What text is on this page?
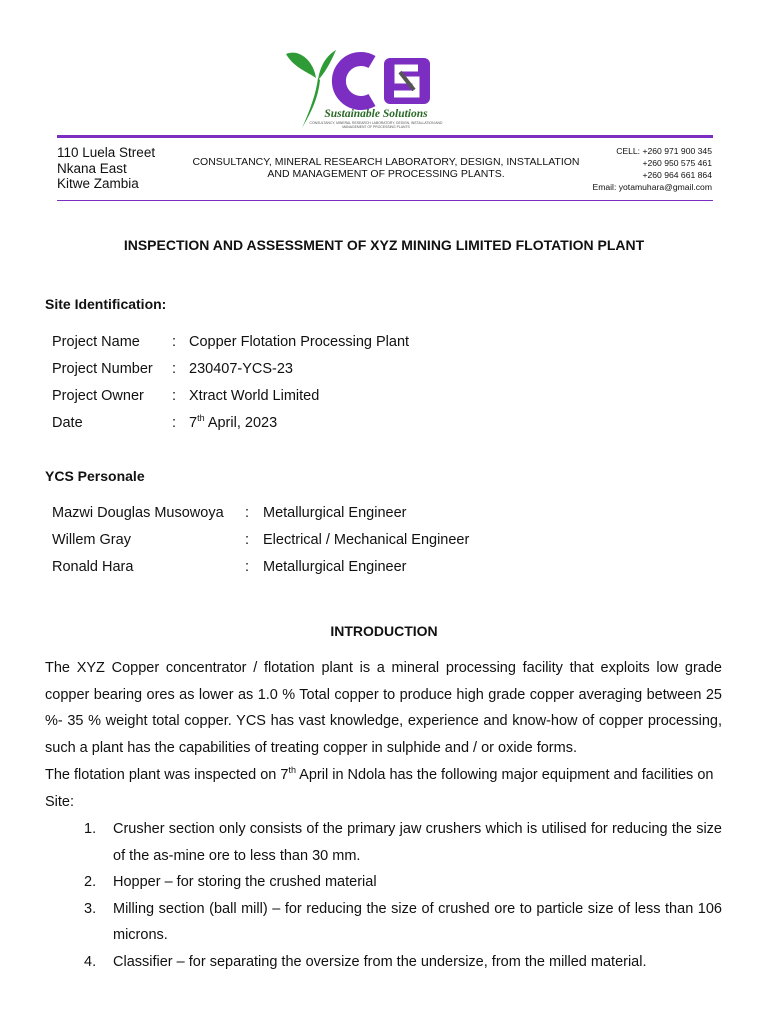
Sustainable Solutions
CONSULTANCY, MINERAL RESEARCH LABORATORY, DESIGN, INSTALLATION AND MANAGEMENT OF PROCESSING PLANTS
110 Luela Street
Nkana East
Kitwe Zambia
CONSULTANCY, MINERAL RESEARCH LABORATORY, DESIGN, INSTALLATION
AND MANAGEMENT OF PROCESSING PLANTS.
CELL: +260 971 900 345
+260 950 575 461
+260 964 661 864
Email: yotamuhara@gmail.com
INSPECTION AND ASSESSMENT OF XYZ MINING LIMITED FLOTATION PLANT
Site Identification:
Project Name : Copper Flotation Processing Plant
Project Number : 230407-YCS-23
Project Owner : Xtract World Limited
Date	: 7th April, 2023
YCS Personale
Mazwi Douglas Musowoya : Metallurgical Engineer
Willem Gray	: Electrical / Mechanical Engineer
Ronald Hara	: Metallurgical Engineer
INTRODUCTION
The XYZ Copper concentrator / flotation plant is a mineral processing facility that exploits low grade copper bearing ores as lower as 1.0 % Total copper to produce high grade copper averaging between 25 %- 35 % weight total copper. YCS has vast knowledge, experience and know-how of copper processing, such a plant has the capabilities of treating copper in sulphide and / or oxide forms.
The flotation plant was inspected on 7th April in Ndola has the following major equipment and facilities on Site:
1. Crusher section only consists of the primary jaw crushers which is utilised for reducing the size of the as-mine ore to less than 30 mm.
2. Hopper – for storing the crushed material
3. Milling section (ball mill) – for reducing the size of crushed ore to particle size of less than 106 microns.
4. Classifier – for separating the oversize from the undersize, from the milled material.
